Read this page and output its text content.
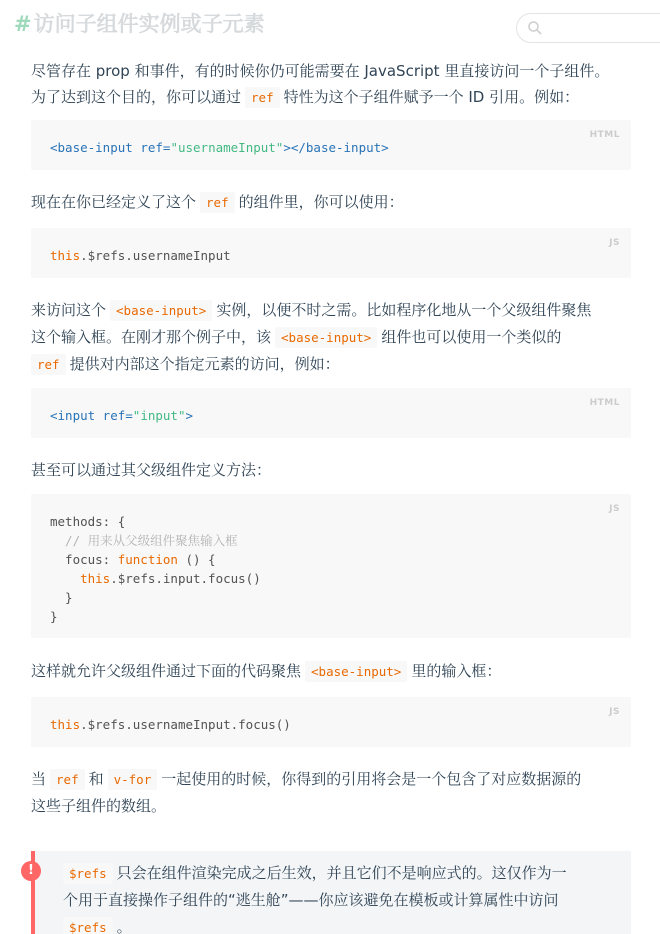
#访问子组件实例或子元素
尽管存在 prop 和事件，有的时候你仍可能需要在 JavaScript 里直接访问一个子组件。
为了达到这个目的，你可以通过 ref 特性为这个子组件赋予一个 ID 引用。例如：
HTML
<base-input ref="usernameInput"></base-input>
现在在你已经定义了这个 ref 的组件里，你可以使用：
JS
this.$refs.usernameInput
来访问这个 <base-input> 实例，以便不时之需。比如程序化地从一个父级组件聚焦
这个输入框。在刚才那个例子中，该 <base-input> 组件也可以使用一个类似的
ref 提供对内部这个指定元素的访问，例如：
HTML
<input ref="input">
甚至可以通过其父级组件定义方法：
JS
methods: {
// 用来从父级组件聚焦输入框
focus: function () {
this.$refs.input.focus()
}
}
这样就允许父级组件通过下面的代码聚焦 <base-input> 里的输入框：
JS
this.$refs.usernameInput.focus()
当 ref 和 v-for 一起使用的时候，你得到的引用将会是一个包含了对应数据源的
这些子组件的数组。
!	$refs 只会在组件渲染完成之后生效，并且它们不是响应式的。这仅作为一
个用于直接操作子组件的“逃生舱”——你应该避免在模板或计算属性中访问
$refs 。
